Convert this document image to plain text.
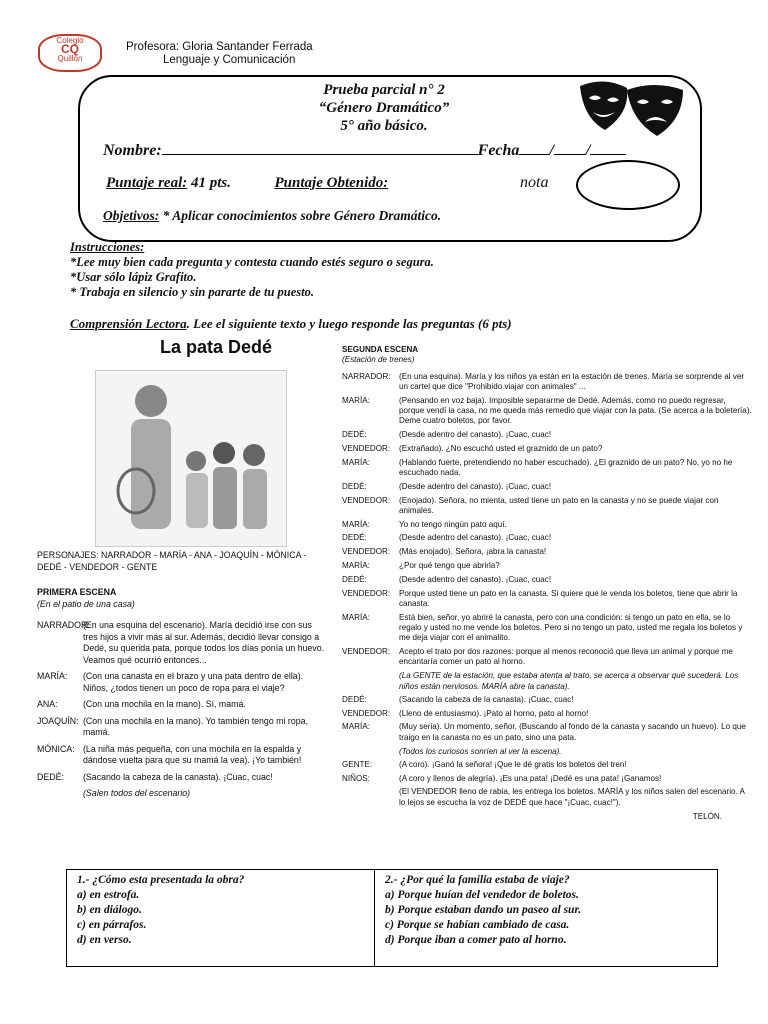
Colegio
CQ
Quillón
Profesora: Gloria Santander Ferrada
Lenguaje y Comunicación
Prueba parcial n° 2
“Género Dramático”
5° año básico.
Nombre:	Fecha / /
Puntaje real: 41 pts.	Puntaje Obtenido:	nota
Objetivos: * Aplicar conocimientos sobre Género Dramático.
Instrucciones:
*Lee muy bien cada pregunta y contesta cuando estés seguro o segura.
*Usar sólo lápiz Grafito.
* Trabaja en silencio y sin pararte de tu puesto.
Comprensión Lectora. Lee el siguiente texto y luego responde las preguntas (6 pts)
La pata Dedé
PERSONAJES: NARRADOR - MARÍA - ANA - JOAQUÍN - MÓNICA - DEDÉ - VENDEDOR - GENTE
PRIMERA ESCENA
(En el patio de una casa)
NARRADOR:
(En una esquina del escenario). María decidió irse con sus tres hijos a vivir más al sur. Además, decidió llevar consigo a Dedé, su querida pata, porque todos los días ponía un huevo. Veamos qué ocurrió entonces...
MARÍA:	(Con una canasta en el brazo y una pata dentro de ella). Niños, ¿todos tienen un poco de ropa para el viaje?
ANA:	(Con una mochila en la mano). Sí, mamá.
JOAQUÍN: (Con una mochila en la mano). Yo también tengo mi ropa, mamá.
MÓNICA: (La niña más pequeña, con una mochila en la espalda y dándose vuelta para que su mamá la vea). ¡Yo también!
DEDÉ:	(Sacando la cabeza de la canasta). ¡Cuac, cuac!
(Salen todos del escenario)
SEGUNDA ESCENA
(Estación de trenes)
NARRADOR:	(En una esquina). María y los niños ya están en la estación de trenes. María se sorprende al ver un cartel que dice "Prohibido viajar con animales" ...
MARÍA:	(Pensando en voz baja). Imposible separarme de Dedé. Además, como no puedo regresar, porque vendí la casa, no me queda más remedio que viajar con la pata. (Se acerca a la boletería). Deme cuatro boletos, por favor.
DEDÉ:	(Desde adentro del canasto). ¡Cuac, cuac!
VENDEDOR:	(Extrañado). ¿No escuchó usted el graznido de un pato?
MARÍA:	(Hablando fuerte, pretendiendo no haber escuchado). ¿El graznido de un pato? No, yo no he escuchado nada.
DEDÉ:	(Desde adentro del canasto). ¡Cuac, cuac!
VENDEDOR:	(Enojado). Señora, no mienta, usted tiene un pato en la canasta y no se puede viajar con animales.
MARÍA:	Yo no tengo ningún pato aquí.
DEDÉ:	(Desde adentro del canasto). ¡Cuac, cuac!
VENDEDOR:	(Más enojado). Señora, ¡abra la canasta!
MARÍA:	¿Por qué tengo que abrirla?
DEDÉ:	(Desde adentro del canasto). ¡Cuac, cuac!
VENDEDOR:	Porque usted tiene un pato en la canasta. Si quiere que le venda los boletos, tiene que abrir la canasta.
MARÍA:	Está bien, señor, yo abriré la canasta, pero con una condición: si tengo un pato en ella, se lo regalo y usted no me vende los boletos. Pero si no tengo un pato, usted me regala los boletos y me deja viajar con el animalito.
VENDEDOR:	Acepto el trato por dos razones: porque al menos reconoció que lleva un animal y porque me encantaría comer un pato al horno.
(La GENTE de la estación, que estaba atenta al trato, se acerca a observar qué sucederá. Los niños están nerviosos. MARÍA abre la canasta).
DEDÉ:	(Sacando la cabeza de la canasta). ¡Cuac, cuac!
VENDEDOR:	(Lleno de entusiasmo). ¡Pato al horno, pato al horno!
MARÍA:	(Muy seria). Un momento, señor. (Buscando al fondo de la canasta y sacando un huevo). Lo que traigo en la canasta no es un pato, sino una pata.
(Todos los curiosos sonríen al ver la escena).
GENTE:	(A coro). ¡Ganó la señora! ¡Que le dé gratis los boletos del tren!
NIÑOS:	(A coro y llenos de alegría). ¡Es una pata! ¡Dedé es una pata! ¡Ganamos!
(El VENDEDOR lleno de rabia, les entrega los boletos. MARÍA y los niños salen del escenario. A lo lejos se escucha la voz de DEDÉ que hace "¡Cuac, cuac!").
TELÓN.
1.- ¿Cómo esta presentada la obra?
a) en estrofa.
b) en diálogo.
c) en párrafos.
d) en verso.
2.- ¿Por qué la familia estaba de viaje?
a) Porque huían del vendedor de boletos.
b) Porque estaban dando un paseo al sur.
c) Porque se habían cambiado de casa.
d) Porque iban a comer pato al horno.
